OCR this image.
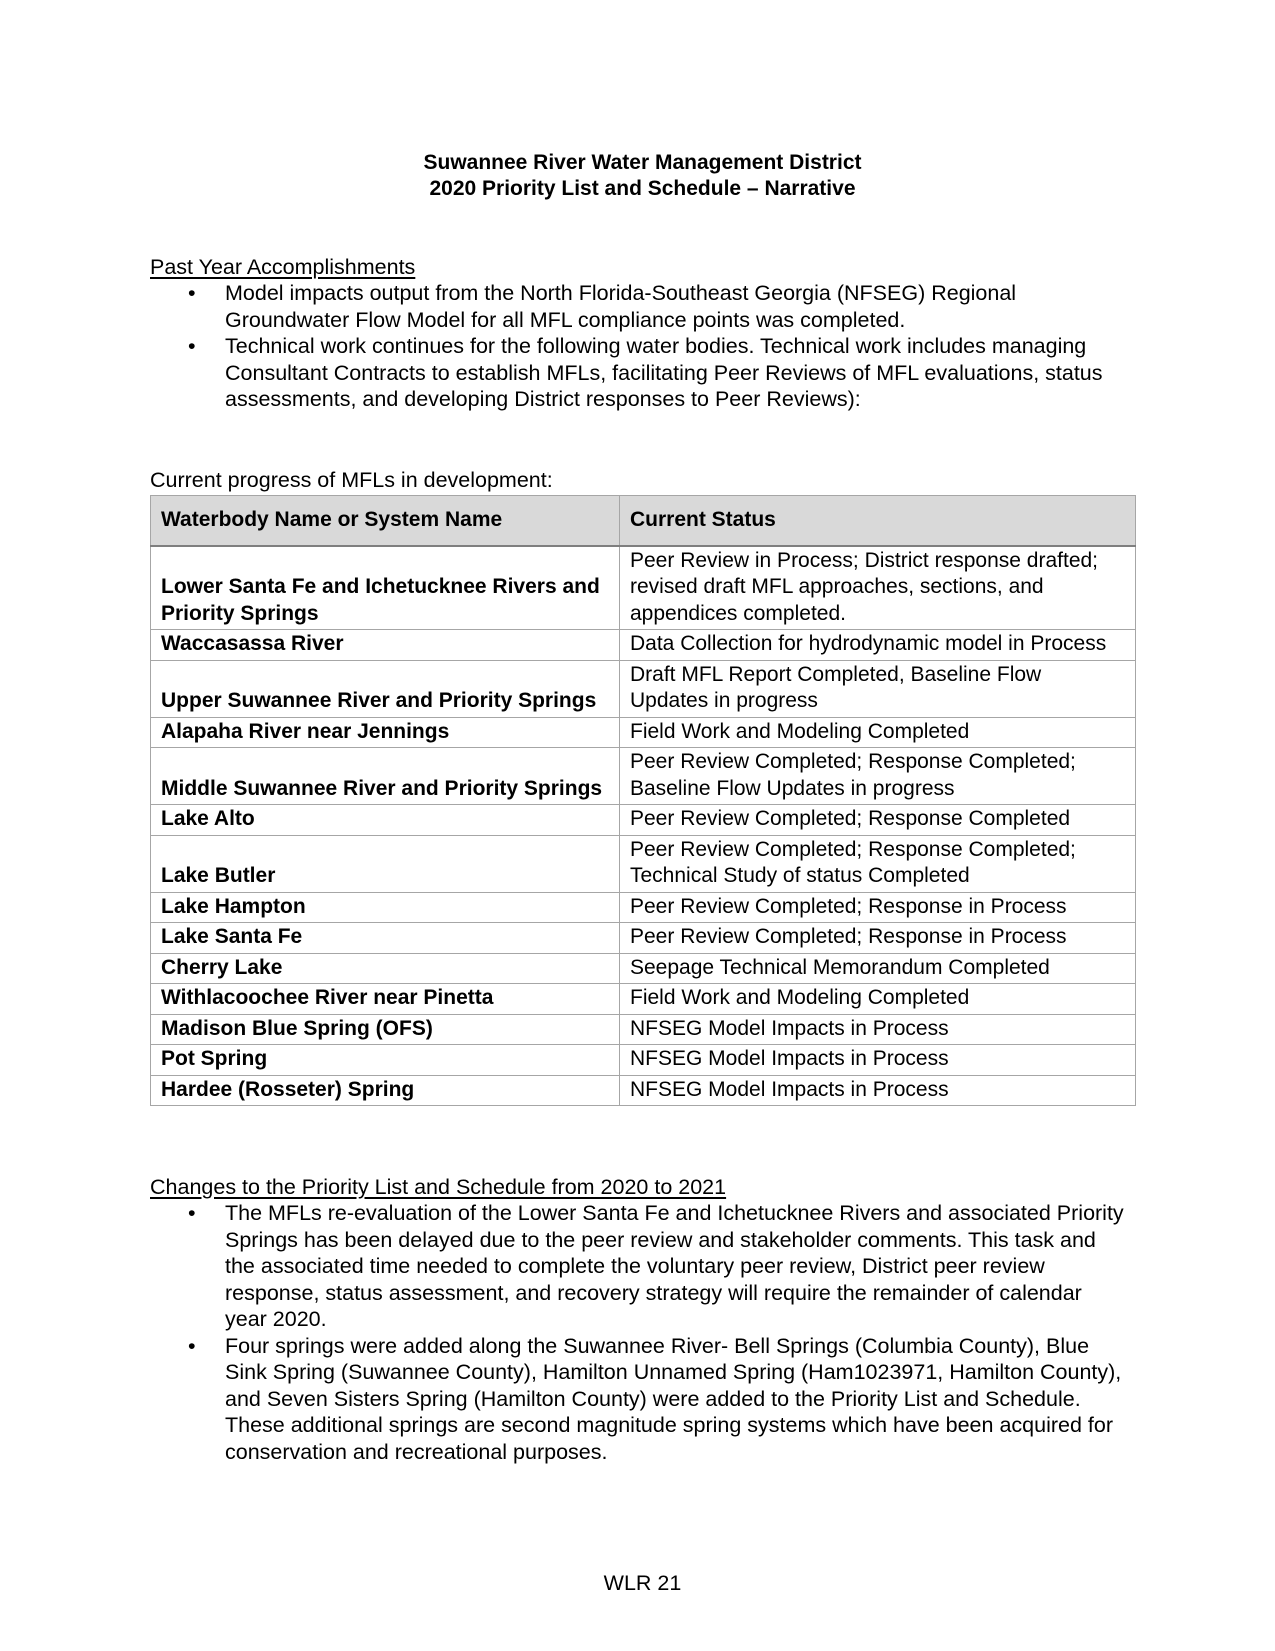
Suwannee River Water Management District
2020 Priority List and Schedule – Narrative
Past Year Accomplishments
• Model impacts output from the North Florida-Southeast Georgia (NFSEG) Regional Groundwater Flow Model for all MFL compliance points was completed.
• Technical work continues for the following water bodies. Technical work includes managing Consultant Contracts to establish MFLs, facilitating Peer Reviews of MFL evaluations, status assessments, and developing District responses to Peer Reviews):
Current progress of MFLs in development:
Waterbody Name or System Name	Current Status
Lower Santa Fe and Ichetucknee Rivers and Priority Springs	Peer Review in Process; District response drafted; revised draft MFL approaches, sections, and appendices completed.
Waccasassa River	Data Collection for hydrodynamic model in Process
Upper Suwannee River and Priority Springs	Draft MFL Report Completed, Baseline Flow Updates in progress
Alapaha River near Jennings	Field Work and Modeling Completed
Middle Suwannee River and Priority Springs	Peer Review Completed; Response Completed; Baseline Flow Updates in progress
Lake Alto	Peer Review Completed; Response Completed
Lake Butler	Peer Review Completed; Response Completed; Technical Study of status Completed
Lake Hampton	Peer Review Completed; Response in Process
Lake Santa Fe	Peer Review Completed; Response in Process
Cherry Lake	Seepage Technical Memorandum Completed
Withlacoochee River near Pinetta	Field Work and Modeling Completed
Madison Blue Spring (OFS)	NFSEG Model Impacts in Process
Pot Spring	NFSEG Model Impacts in Process
Hardee (Rosseter) Spring	NFSEG Model Impacts in Process
Changes to the Priority List and Schedule from 2020 to 2021
• The MFLs re-evaluation of the Lower Santa Fe and Ichetucknee Rivers and associated Priority Springs has been delayed due to the peer review and stakeholder comments. This task and the associated time needed to complete the voluntary peer review, District peer review response, status assessment, and recovery strategy will require the remainder of calendar year 2020.
• Four springs were added along the Suwannee River- Bell Springs (Columbia County), Blue Sink Spring (Suwannee County), Hamilton Unnamed Spring (Ham1023971, Hamilton County), and Seven Sisters Spring (Hamilton County) were added to the Priority List and Schedule. These additional springs are second magnitude spring systems which have been acquired for conservation and recreational purposes.
WLR 21
